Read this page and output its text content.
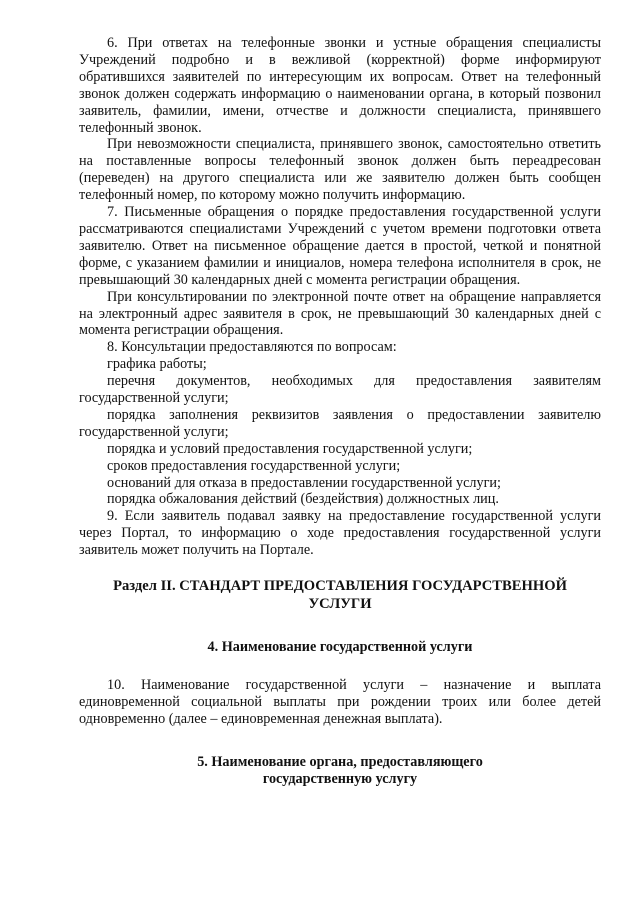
6. При ответах на телефонные звонки и устные обращения специалисты Учреждений подробно и в вежливой (корректной) форме информируют обратившихся заявителей по интересующим их вопросам. Ответ на телефонный звонок должен содержать информацию о наименовании органа, в который позвонил заявитель, фамилии, имени, отчестве и должности специалиста, принявшего телефонный звонок.

При невозможности специалиста, принявшего звонок, самостоятельно ответить на поставленные вопросы телефонный звонок должен быть переадресован (переведен) на другого специалиста или же заявителю должен быть сообщен телефонный номер, по которому можно получить информацию.

7. Письменные обращения о порядке предоставления государственной услуги рассматриваются специалистами Учреждений с учетом времени подготовки ответа заявителю. Ответ на письменное обращение дается в простой, четкой и понятной форме, с указанием фамилии и инициалов, номера телефона исполнителя в срок, не превышающий 30 календарных дней с момента регистрации обращения.

При консультировании по электронной почте ответ на обращение направляется на электронный адрес заявителя в срок, не превышающий 30 календарных дней с момента регистрации обращения.

8. Консультации предоставляются по вопросам:

графика работы;

перечня документов, необходимых для предоставления заявителям государственной услуги;

порядка заполнения реквизитов заявления о предоставлении заявителю государственной услуги;

порядка и условий предоставления государственной услуги;

сроков предоставления государственной услуги;

оснований для отказа в предоставлении государственной услуги;

порядка обжалования действий (бездействия) должностных лиц.

9. Если заявитель подавал заявку на предоставление государственной услуги через Портал, то информацию о ходе предоставления государственной услуги заявитель может получить на Портале.

Раздел II. СТАНДАРТ ПРЕДОСТАВЛЕНИЯ ГОСУДАРСТВЕННОЙ
УСЛУГИ
4. Наименование государственной услуги

10. Наименование государственной услуги – назначение и выплата единовременной социальной выплаты при рождении троих или более детей одновременно (далее – единовременная денежная выплата).

5. Наименование органа, предоставляющего
государственную услугу
